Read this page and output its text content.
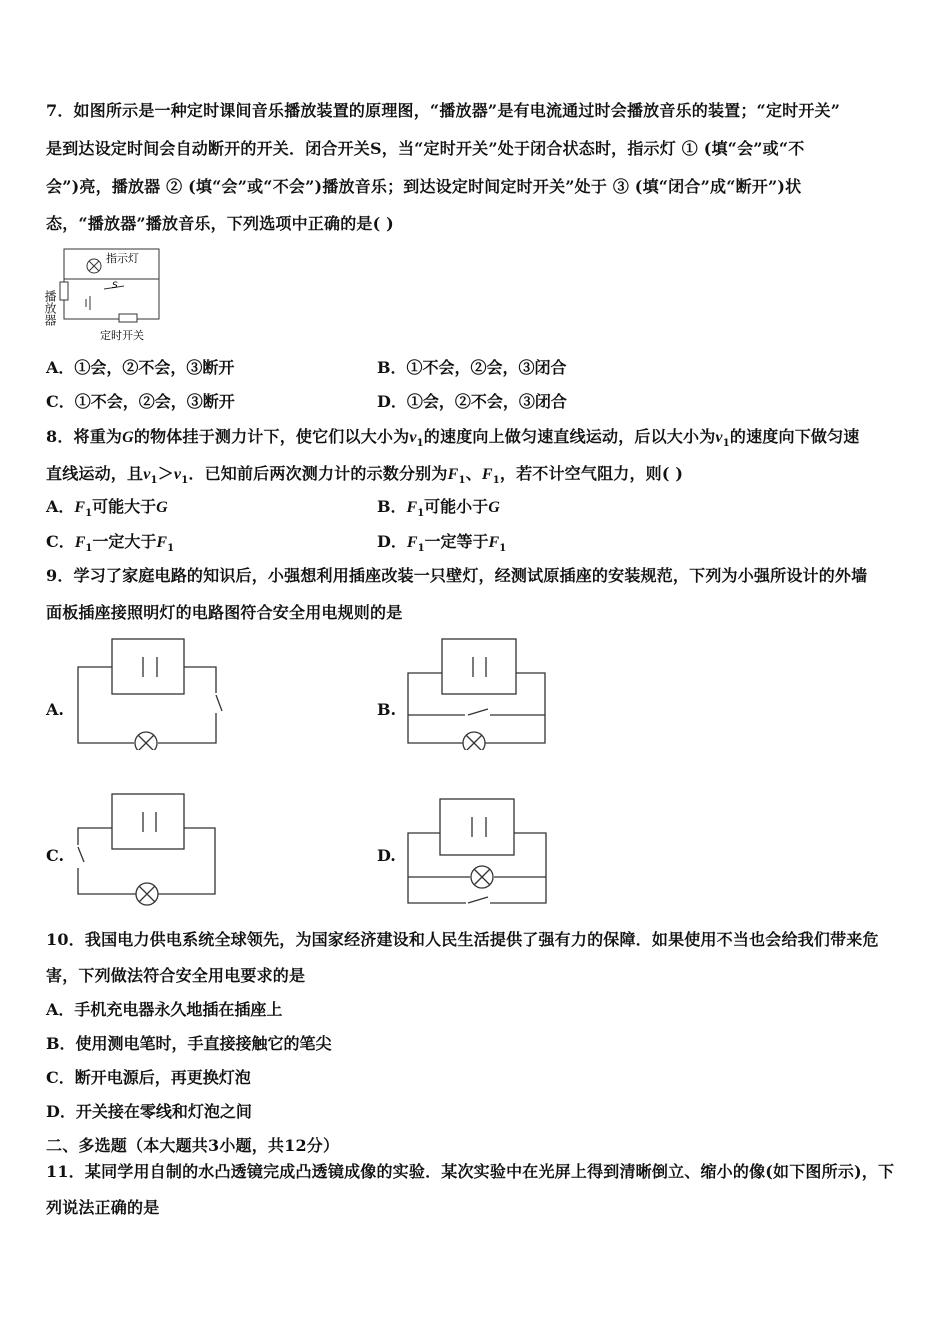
7．如图所示是一种定时课间音乐播放装置的原理图，“播放器”是有电流通过时会播放音乐的装置；“定时开关”
是到达设定时间会自动断开的开关．闭合开关S，当“定时开关”处于闭合状态时，指示灯 ① (填“会”或“不
会”)亮，播放器 ② (填“会”或“不会”)播放音乐；到达设定时间定时开关”处于 ③ (填“闭合”成“断开”)状
态，“播放器”播放音乐，下列选项中正确的是( )
指示灯
S
定时开关
播放器
A．①会，②不会，③断开	B．①不会，②会，③闭合
C．①不会，②会，③断开	D．①会，②不会，③闭合
8．将重为G的物体挂于测力计下，使它们以大小为$v_1$的速度向上做匀速直线运动，后以大小为$v_1$的速度向下做匀速
直线运动，且$v_1>v_1$．已知前后两次测力计的示数分别为$F_1$、$F_1$，若不计空气阻力，则( )
A．$F_1$可能大于G	B．$F_1$可能小于G
C．$F_1$一定大于$F_1$	D．$F_1$一定等于$F_1$
9．学习了家庭电路的知识后，小强想利用插座改装一只壁灯，经测试原插座的安装规范，下列为小强所设计的外墙
面板插座接照明灯的电路图符合安全用电规则的是
A.	B.
C.	D.
10．我国电力供电系统全球领先，为国家经济建设和人民生活提供了强有力的保障．如果使用不当也会给我们带来危
害，下列做法符合安全用电要求的是
A．手机充电器永久地插在插座上
B．使用测电笔时，手直接接触它的笔尖
C．断开电源后，再更换灯泡
D．开关接在零线和灯泡之间
二、多选题（本大题共3小题，共12分）
11．某同学用自制的水凸透镜完成凸透镜成像的实验．某次实验中在光屏上得到清晰倒立、缩小的像(如下图所示)，下
列说法正确的是
